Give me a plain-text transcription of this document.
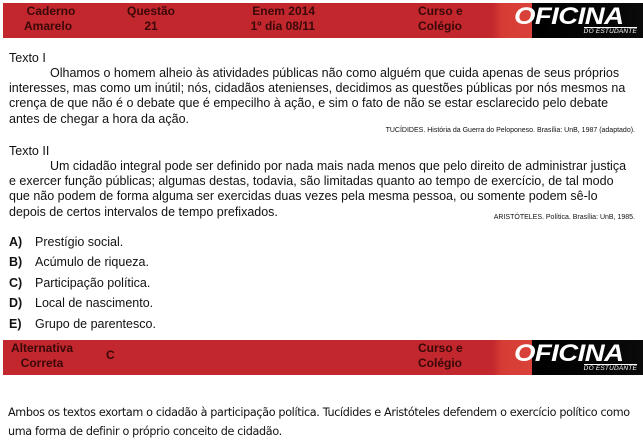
Caderno
Amarelo
Questão
21
Enem 2014
1º dia 08/11
Curso e
Colégio OFICINA
DO ESTUDANTE
Texto I
Olhamos o homem alheio às atividades públicas não como alguém que cuida apenas de seus próprios interesses, mas como um inútil; nós, cidadãos atenienses, decidimos as questões públicas por nós mesmos na crença de que não é o debate que é empecilho à ação, e sim o fato de não se estar esclarecido pelo debate antes de chegar a hora da ação.
TUCÍDIDES. História da Guerra do Peloponeso. Brasília: UnB, 1987 (adaptado).
Texto II
Um cidadão integral pode ser definido por nada mais nada menos que pelo direito de administrar justiça e exercer função públicas; algumas destas, todavia, são limitadas quanto ao tempo de exercício, de tal modo que não podem de forma alguma ser exercidas duas vezes pela mesma pessoa, ou somente podem sê-lo depois de certos intervalos de tempo prefixados.	ARISTÓTELES. Política. Brasília: UnB, 1985.
A)	Prestígio social.
B)	Acúmulo de riqueza.
C)	Participação política.
D)	Local de nascimento.
E)	Grupo de parentesco.
Alternativa
Correta
C	Curso e
Colégio OFICINA
DO ESTUDANTE
Ambos os textos exortam o cidadão à participação política. Tucídides e Aristóteles defendem o exercício político como uma forma de definir o próprio conceito de cidadão.
